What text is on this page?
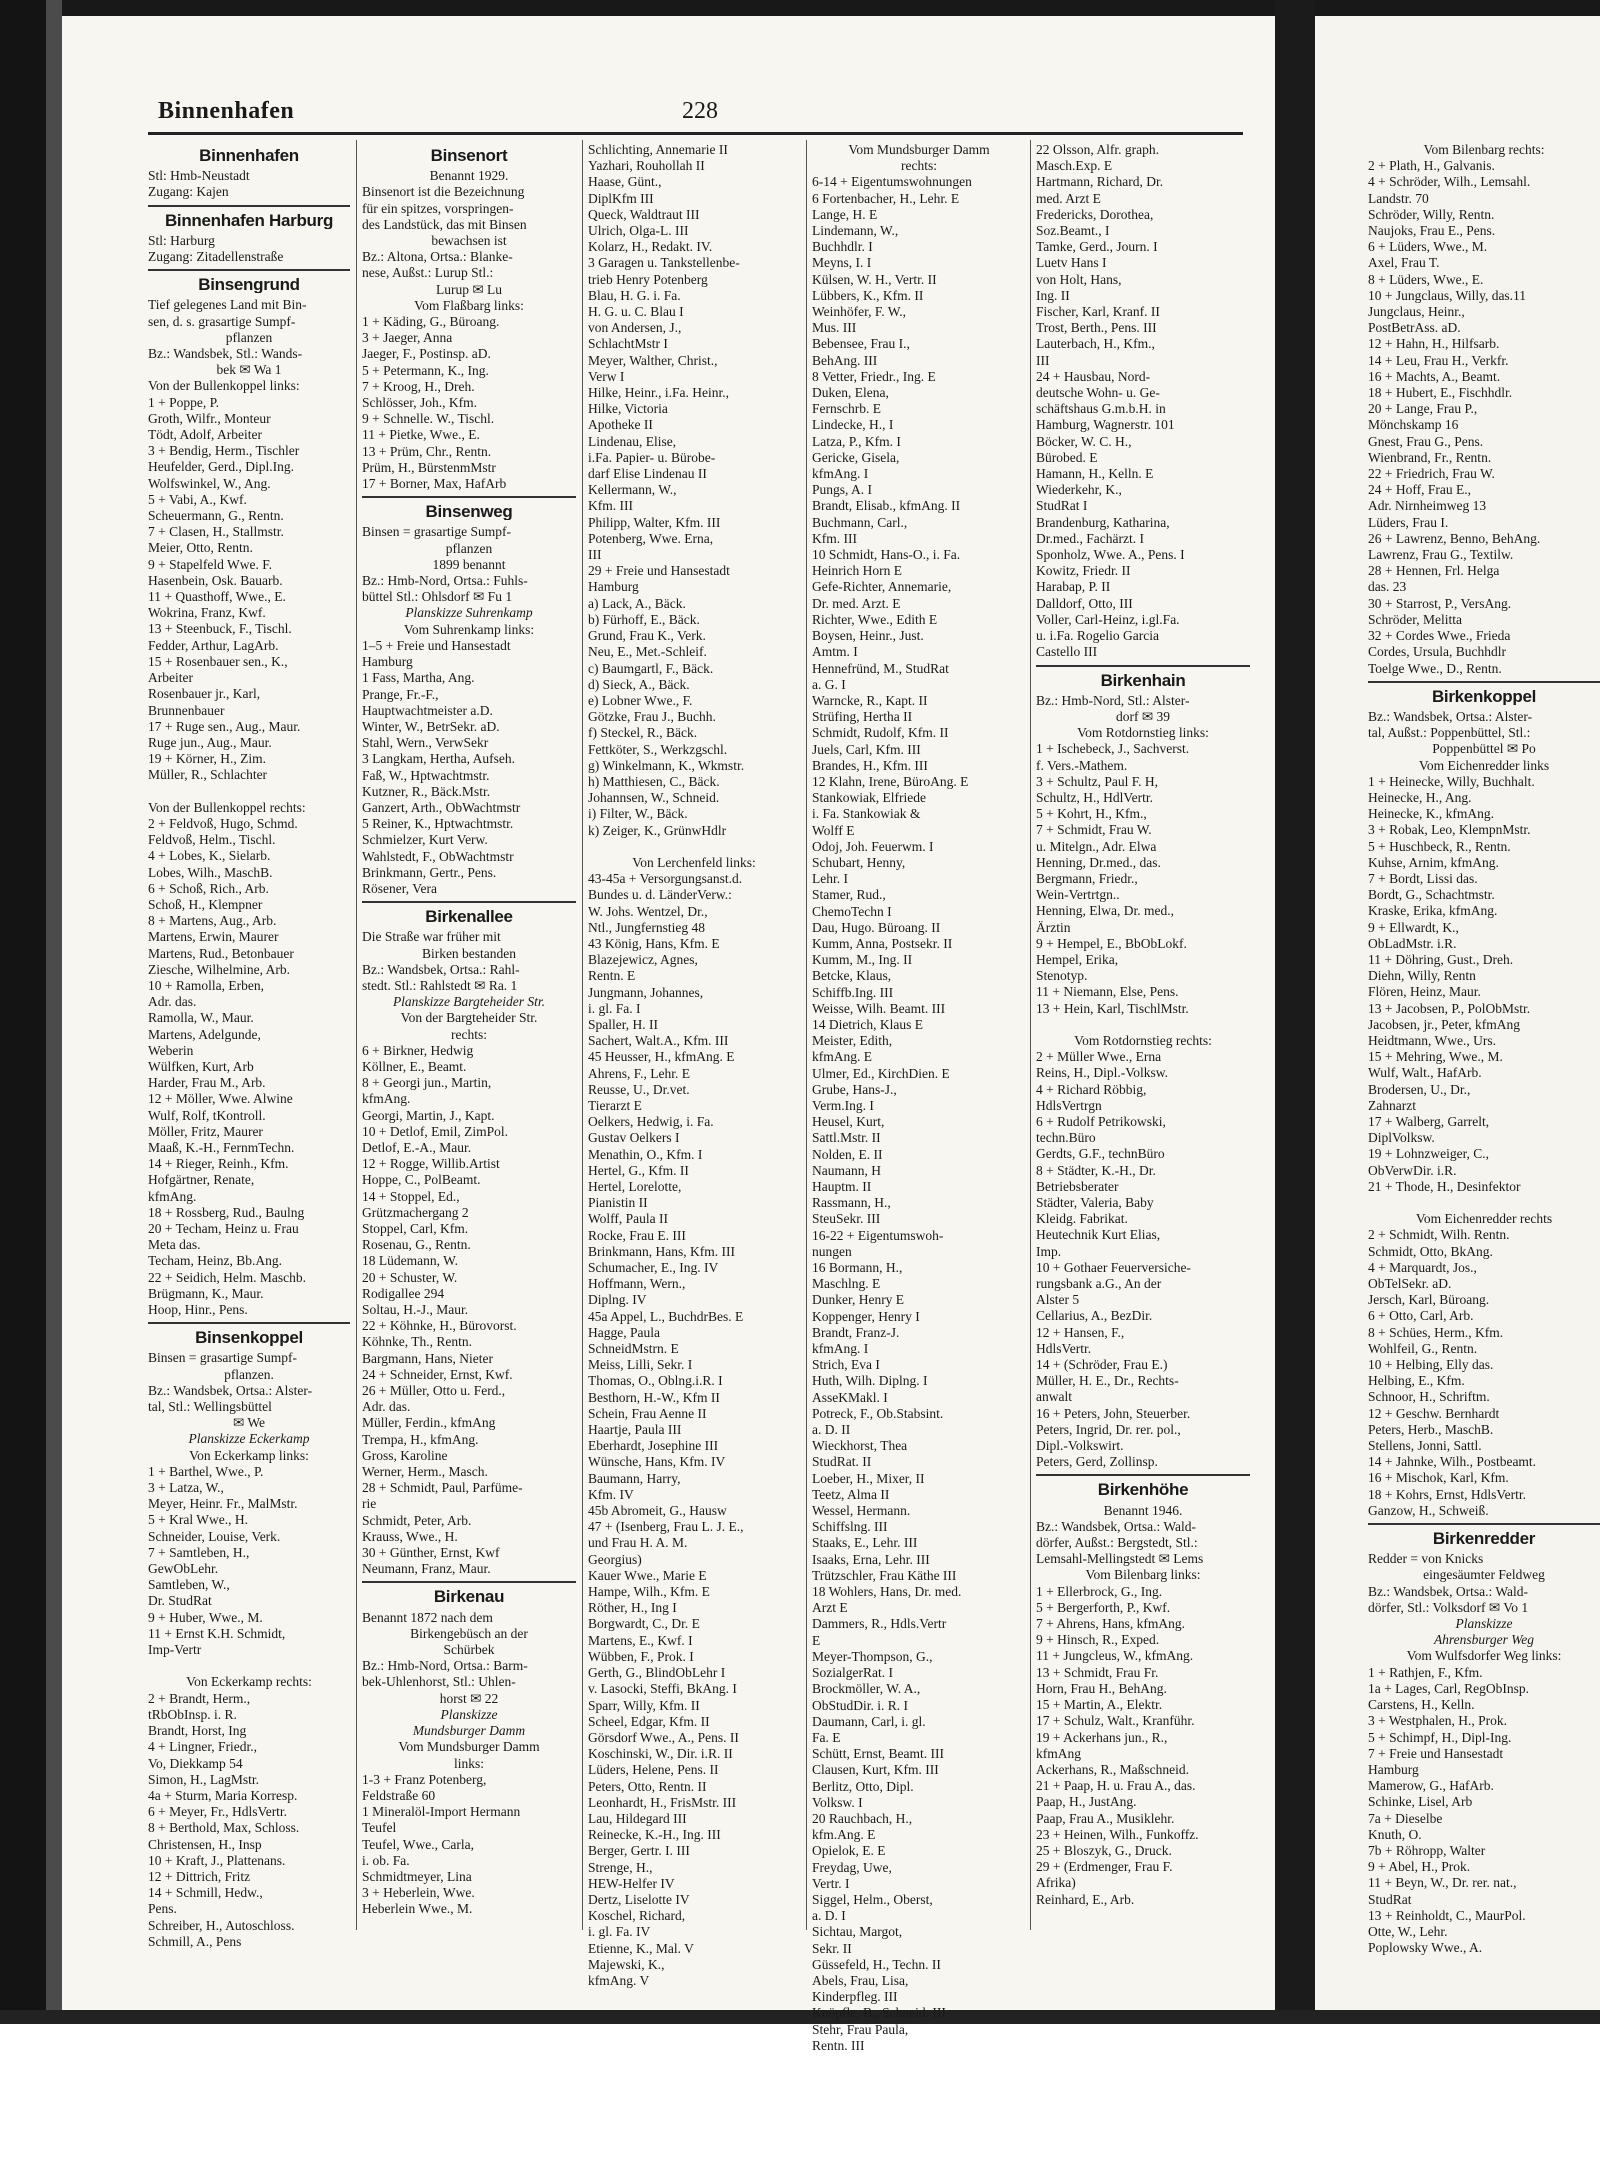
Binnenhafen	228
Binnenhafen
Stl: Hmb-Neustadt
Zugang: Kajen
Binnenhafen Harburg
Stl: Harburg
Zugang: Zitadellenstraße
Binsengrund
Tief gelegenes Land mit Bin-
sen, d. s. grasartige Sumpf-
pflanzen
Bz.: Wandsbek, Stl.: Wands-
bek ✉ Wa 1
Von der Bullenkoppel links:
1 + Poppe, P.
Groth, Wilfr., Monteur
Tödt, Adolf, Arbeiter
3 + Bendig, Herm., Tischler
Heufelder, Gerd., Dipl.Ing.
Wolfswinkel, W., Ang.
5 + Vabi, A., Kwf.
Scheuermann, G., Rentn.
7 + Clasen, H., Stallmstr.
Meier, Otto, Rentn.
9 + Stapelfeld Wwe. F.
Hasenbein, Osk. Bauarb.
11 + Quasthoff, Wwe., E.
Wokrina, Franz, Kwf.
13 + Steenbuck, F., Tischl.
Fedder, Arthur, LagArb.
15 + Rosenbauer sen., K.,
Arbeiter
Rosenbauer jr., Karl,
Brunnenbauer
17 + Ruge sen., Aug., Maur.
Ruge jun., Aug., Maur.
19 + Körner, H., Zim.
Müller, R., Schlachter

Von der Bullenkoppel rechts:
2 + Feldvoß, Hugo, Schmd.
Feldvoß, Helm., Tischl.
4 + Lobes, K., Sielarb.
Lobes, Wilh., MaschB.
6 + Schoß, Rich., Arb.
Schoß, H., Klempner
8 + Martens, Aug., Arb.
Martens, Erwin, Maurer
Martens, Rud., Betonbauer
Ziesche, Wilhelmine, Arb.
10 + Ramolla, Erben,
Adr. das.
Ramolla, W., Maur.
Martens, Adelgunde,
Weberin
Wülfken, Kurt, Arb
Harder, Frau M., Arb.
12 + Möller, Wwe. Alwine
Wulf, Rolf, tKontroll.
Möller, Fritz, Maurer
Maaß, K.-H., FernmTechn.
14 + Rieger, Reinh., Kfm.
Hofgärtner, Renate,
kfmAng.
18 + Rossberg, Rud., Baulng
20 + Techam, Heinz u. Frau
Meta das.
Techam, Heinz, Bb.Ang.
22 + Seidich, Helm. Maschb.
Brügmann, K., Maur.
Hoop, Hinr., Pens.
Binsenkoppel
Binsen = grasartige Sumpf-
pflanzen.
Bz.: Wandsbek, Ortsa.: Alster-
tal, Stl.: Wellingsbüttel
✉ We
Planskizze Eckerkamp
Von Eckerkamp links:
1 + Barthel, Wwe., P.
3 + Latza, W.,
Meyer, Heinr. Fr., MalMstr.
5 + Kral Wwe., H.
Schneider, Louise, Verk.
7 + Samtleben, H.,
GewObLehr.
Samtleben, W.,
Dr. StudRat
9 + Huber, Wwe., M.
11 + Ernst K.H. Schmidt,
Imp-Vertr

Von Eckerkamp rechts:
2 + Brandt, Herm.,
tRbObInsp. i. R.
Brandt, Horst, Ing
4 + Lingner, Friedr.,
Vo, Diekkamp 54
Simon, H., LagMstr.
4a + Sturm, Maria Korresp.
6 + Meyer, Fr., HdlsVertr.
8 + Berthold, Max, Schloss.
Christensen, H., Insp
10 + Kraft, J., Plattenans.
12 + Dittrich, Fritz
14 + Schmill, Hedw.,
Pens.
Schreiber, H., Autoschloss.
Schmill, A., Pens
Binsenort
Benannt 1929.
Binsenort ist die Bezeichnung
für ein spitzes, vorspringen-
des Landstück, das mit Binsen
bewachsen ist
Bz.: Altona, Ortsa.: Blanke-
nese, Außst.: Lurup Stl.:
Lurup ✉ Lu
Vom Flaßbarg links:
1 + Käding, G., Büroang.
3 + Jaeger, Anna
Jaeger, F., Postinsp. aD.
5 + Petermann, K., Ing.
7 + Kroog, H., Dreh.
Schlösser, Joh., Kfm.
9 + Schnelle. W., Tischl.
11 + Pietke, Wwe., E.
13 + Prüm, Chr., Rentn.
Prüm, H., BürstenmMstr
17 + Borner, Max, HafArb
Binsenweg
Binsen = grasartige Sumpf-
pflanzen
1899 benannt
Bz.: Hmb-Nord, Ortsa.: Fuhls-
büttel Stl.: Ohlsdorf ✉ Fu 1
Planskizze Suhrenkamp
Vom Suhrenkamp links:
1–5 + Freie und Hansestadt
Hamburg
1 Fass, Martha, Ang.
Prange, Fr.-F.,
Hauptwachtmeister a.D.
Winter, W., BetrSekr. aD.
Stahl, Wern., VerwSekr
3 Langkam, Hertha, Aufseh.
Faß, W., Hptwachtmstr.
Kutzner, R., Bäck.Mstr.
Ganzert, Arth., ObWachtmstr
5 Reiner, K., Hptwachtmstr.
Schmielzer, Kurt Verw.
Wahlstedt, F., ObWachtmstr
Brinkmann, Gertr., Pens.
Rösener, Vera
Birkenallee
Die Straße war früher mit
Birken bestanden
Bz.: Wandsbek, Ortsa.: Rahl-
stedt. Stl.: Rahlstedt ✉ Ra. 1
Planskizze Bargteheider Str.
Von der Bargteheider Str.
rechts:
6 + Birkner, Hedwig
Köllner, E., Beamt.
8 + Georgi jun., Martin,
kfmAng.
Georgi, Martin, J., Kapt.
10 + Detlof, Emil, ZimPol.
Detlof, E.-A., Maur.
12 + Rogge, Willib.Artist
Hoppe, C., PolBeamt.
14 + Stoppel, Ed.,
Grützmachergang 2
Stoppel, Carl, Kfm.
Rosenau, G., Rentn.
18 Lüdemann, W.
20 + Schuster, W.
Rodigallee 294
Soltau, H.-J., Maur.
22 + Köhnke, H., Bürovorst.
Köhnke, Th., Rentn.
Bargmann, Hans, Nieter
24 + Schneider, Ernst, Kwf.
26 + Müller, Otto u. Ferd.,
Adr. das.
Müller, Ferdin., kfmAng
Trempa, H., kfmAng.
Gross, Karoline
Werner, Herm., Masch.
28 + Schmidt, Paul, Parfüme-
rie
Schmidt, Peter, Arb.
Krauss, Wwe., H.
30 + Günther, Ernst, Kwf
Neumann, Franz, Maur.
Birkenau
Benannt 1872 nach dem
Birkengebüsch an der
Schürbek
Bz.: Hmb-Nord, Ortsa.: Barm-
bek-Uhlenhorst, Stl.: Uhlen-
horst ✉ 22
Planskizze
Mundsburger Damm
Vom Mundsburger Damm
links:
1-3 + Franz Potenberg,
Feldstraße 60
1 Mineralöl-Import Hermann
Teufel
Teufel, Wwe., Carla,
i. ob. Fa.
Schmidtmeyer, Lina
3 + Heberlein, Wwe.
Heberlein Wwe., M.
Schlichting, Annemarie II
Yazhari, Rouhollah II
Haase, Günt.,
DiplKfm III
Queck, Waldtraut III
Ulrich, Olga-L. III
Kolarz, H., Redakt. IV.
3 Garagen u. Tankstellenbe-
trieb Henry Potenberg
Blau, H. G. i. Fa.
H. G. u. C. Blau I
von Andersen, J.,
SchlachtMstr I
Meyer, Walther, Christ.,
Verw I
Hilke, Heinr., i.Fa. Heinr.,
Hilke, Victoria
Apotheke II
Lindenau, Elise,
i.Fa. Papier- u. Bürobe-
darf Elise Lindenau II
Kellermann, W.,
Kfm. III
Philipp, Walter, Kfm. III
Potenberg, Wwe. Erna,
III
29 + Freie und Hansestadt
Hamburg
a) Lack, A., Bäck.
b) Fürhoff, E., Bäck.
Grund, Frau K., Verk.
Neu, E., Met.-Schleif.
c) Baumgartl, F., Bäck.
d) Sieck, A., Bäck.
e) Lobner Wwe., F.
Götzke, Frau J., Buchh.
f) Steckel, R., Bäck.
Fettköter, S., Werkzgschl.
g) Winkelmann, K., Wkmstr.
h) Matthiesen, C., Bäck.
Johannsen, W., Schneid.
i) Filter, W., Bäck.
k) Zeiger, K., GrünwHdlr

Von Lerchenfeld links:
43-45a + Versorgungsanst.d.
Bundes u. d. LänderVerw.:
W. Johs. Wentzel, Dr.,
Ntl., Jungfernstieg 48
43 König, Hans, Kfm. E
Blazejewicz, Agnes,
Rentn. E
Jungmann, Johannes,
i. gl. Fa. I
Spaller, H. II
Sachert, Walt.A., Kfm. III
45 Heusser, H., kfmAng. E
Ahrens, F., Lehr. E
Reusse, U., Dr.vet.
Tierarzt E
Oelkers, Hedwig, i. Fa.
Gustav Oelkers I
Menathin, O., Kfm. I
Hertel, G., Kfm. II
Hertel, Lorelotte,
Pianistin II
Wolff, Paula II
Rocke, Frau E. III
Brinkmann, Hans, Kfm. III
Schumacher, E., Ing. IV
Hoffmann, Wern.,
Diplng. IV
45a Appel, L., BuchdrBes. E
Hagge, Paula
SchneidMstrn. E
Meiss, Lilli, Sekr. I
Thomas, O., Oblng.i.R. I
Besthorn, H.-W., Kfm II
Schein, Frau Aenne II
Haartje, Paula III
Eberhardt, Josephine III
Wünsche, Hans, Kfm. IV
Baumann, Harry,
Kfm. IV
45b Abromeit, G., Hausw
47 + (Isenberg, Frau L. J. E.,
und Frau H. A. M.
Georgius)
Kauer Wwe., Marie E
Hampe, Wilh., Kfm. E
Röther, H., Ing I
Borgwardt, C., Dr. E
Martens, E., Kwf. I
Wübben, F., Prok. I
Gerth, G., BlindObLehr I
v. Lasocki, Steffi, BkAng. I
Sparr, Willy, Kfm. II
Scheel, Edgar, Kfm. II
Görsdorf Wwe., A., Pens. II
Koschinski, W., Dir. i.R. II
Lüders, Helene, Pens. II
Peters, Otto, Rentn. II
Leonhardt, H., FrisMstr. III
Lau, Hildegard III
Reinecke, K.-H., Ing. III
Berger, Gertr. I. III
Strenge, H.,
HEW-Helfer IV
Dertz, Liselotte IV
Koschel, Richard,
i. gl. Fa. IV
Etienne, K., Mal. V
Majewski, K.,
kfmAng. V
Vom Mundsburger Damm
rechts:
6-14 + Eigentumswohnungen
6 Fortenbacher, H., Lehr. E
Lange, H. E
Lindemann, W.,
Buchhdlr. I
Meyns, I. I
Külsen, W. H., Vertr. II
Lübbers, K., Kfm. II
Weinhöfer, F. W.,
Mus. III
Bebensee, Frau I.,
BehAng. III
8 Vetter, Friedr., Ing. E
Duken, Elena,
Fernschrb. E
Lindecke, H., I
Latza, P., Kfm. I
Gericke, Gisela,
kfmAng. I
Pungs, A. I
Brandt, Elisab., kfmAng. II
Buchmann, Carl.,
Kfm. III
10 Schmidt, Hans-O., i. Fa.
Heinrich Horn E
Gefe-Richter, Annemarie,
Dr. med. Arzt. E
Richter, Wwe., Edith E
Boysen, Heinr., Just.
Amtm. I
Hennefründ, M., StudRat
a. G. I
Warncke, R., Kapt. II
Strüfing, Hertha II
Schmidt, Rudolf, Kfm. II
Juels, Carl, Kfm. III
Brandes, H., Kfm. III
12 Klahn, Irene, BüroAng. E
Stankowiak, Elfriede
i. Fa. Stankowiak &
Wolff E
Odoj, Joh. Feuerwm. I
Schubart, Henny,
Lehr. I
Stamer, Rud.,
ChemoTechn I
Dau, Hugo. Büroang. II
Kumm, Anna, Postsekr. II
Kumm, M., Ing. II
Betcke, Klaus,
Schiffb.Ing. III
Weisse, Wilh. Beamt. III
14 Dietrich, Klaus E
Meister, Edith,
kfmAng. E
Ulmer, Ed., KirchDien. E
Grube, Hans-J.,
Verm.Ing. I
Heusel, Kurt,
Sattl.Mstr. II
Nolden, E. II
Naumann, H
Hauptm. II
Rassmann, H.,
SteuSekr. III
16-22 + Eigentumswoh-
nungen
16 Bormann, H.,
Maschlng. E
Dunker, Henry E
Koppenger, Henry I
Brandt, Franz-J.
kfmAng. I
Strich, Eva I
Huth, Wilh. Diplng. I
AsseKMakl. I
Potreck, F., Ob.Stabsint.
a. D. II
Wieckhorst, Thea
StudRat. II
Loeber, H., Mixer, II
Teetz, Alma II
Wessel, Hermann.
Schiffslng. III
Staaks, E., Lehr. III
Isaaks, Erna, Lehr. III
Trützschler, Frau Käthe III
18 Wohlers, Hans, Dr. med.
Arzt E
Dammers, R., Hdls.Vertr
E
Meyer-Thompson, G.,
SozialgerRat. I
Brockmöller, W. A.,
ObStudDir. i. R. I
Daumann, Carl, i. gl.
Fa. E
Schütt, Ernst, Beamt. III
Clausen, Kurt, Kfm. III
Berlitz, Otto, Dipl.
Volksw. I
20 Rauchbach, H.,
kfm.Ang. E
Opielok, E. E
Freydag, Uwe,
Vertr. I
Siggel, Helm., Oberst,
a. D. I
Sichtau, Margot,
Sekr. II
Güssefeld, H., Techn. II
Abels, Frau, Lisa,
Kinderpfleg. III
Knöpfle, B., Schneid. III
Stehr, Frau Paula,
Rentn. III
22 Olsson, Alfr. graph.
Masch.Exp. E
Hartmann, Richard, Dr.
med. Arzt E
Fredericks, Dorothea,
Soz.Beamt., I
Tamke, Gerd., Journ. I
Luetv Hans I
von Holt, Hans,
Ing. II
Fischer, Karl, Kranf. II
Trost, Berth., Pens. III
Lauterbach, H., Kfm.,
III
24 + Hausbau, Nord-
deutsche Wohn- u. Ge-
schäftshaus G.m.b.H. in
Hamburg, Wagnerstr. 101
Böcker, W. C. H.,
Bürobed. E
Hamann, H., Kelln. E
Wiederkehr, K.,
StudRat I
Brandenburg, Katharina,
Dr.med., Fachärzt. I
Sponholz, Wwe. A., Pens. I
Kowitz, Friedr. II
Harabap, P. II
Dalldorf, Otto, III
Voller, Carl-Heinz, i.gl.Fa.
u. i.Fa. Rogelio Garcia
Castello III
Birkenhain
Bz.: Hmb-Nord, Stl.: Alster-
dorf ✉ 39
Vom Rotdornstieg links:
1 + Ischebeck, J., Sachverst.
f. Vers.-Mathem.
3 + Schultz, Paul F. H,
Schultz, H., HdlVertr.
5 + Kohrt, H., Kfm.,
7 + Schmidt, Frau W.
u. Mitelgn., Adr. Elwa
Henning, Dr.med., das.
Bergmann, Friedr.,
Wein-Vertrtgn..
Henning, Elwa, Dr. med.,
Ärztin
9 + Hempel, E., BbObLokf.
Hempel, Erika,
Stenotyp.
11 + Niemann, Else, Pens.
13 + Hein, Karl, TischlMstr.

Vom Rotdornstieg rechts:
2 + Müller Wwe., Erna
Reins, H., Dipl.-Volksw.
4 + Richard Röbbig,
HdlsVertrgn
6 + Rudolf Petrikowski,
techn.Büro
Gerdts, G.F., technBüro
8 + Städter, K.-H., Dr.
Betriebsberater
Städter, Valeria, Baby
Kleidg. Fabrikat.
Heutechnik Kurt Elias,
Imp.
10 + Gothaer Feuerversiche-
rungsbank a.G., An der
Alster 5
Cellarius, A., BezDir.
12 + Hansen, F.,
HdlsVertr.
14 + (Schröder, Frau E.)
Müller, H. E., Dr., Rechts-
anwalt
16 + Peters, John, Steuerber.
Peters, Ingrid, Dr. rer. pol.,
Dipl.-Volkswirt.
Peters, Gerd, Zollinsp.
Birkenhöhe
Benannt 1946.
Bz.: Wandsbek, Ortsa.: Wald-
dörfer, Außst.: Bergstedt, Stl.:
Lemsahl-Mellingstedt ✉ Lems
Vom Bilenbarg links:
1 + Ellerbrock, G., Ing.
5 + Bergerforth, P., Kwf.
7 + Ahrens, Hans, kfmAng.
9 + Hinsch, R., Exped.
11 + Jungcleus, W., kfmAng.
13 + Schmidt, Frau Fr.
Horn, Frau H., BehAng.
15 + Martin, A., Elektr.
17 + Schulz, Walt., Kranführ.
19 + Ackerhans jun., R.,
kfmAng
Ackerhans, R., Maßschneid.
21 + Paap, H. u. Frau A., das.
Paap, H., JustAng.
Paap, Frau A., Musiklehr.
23 + Heinen, Wilh., Funkoffz.
25 + Bloszyk, G., Druck.
29 + (Erdmenger, Frau F.
Afrika)
Reinhard, E., Arb.
Vom Bilenbarg rechts:
2 + Plath, H., Galvanis.
4 + Schröder, Wilh., Lemsahl.
Landstr. 70
Schröder, Willy, Rentn.
Naujoks, Frau E., Pens.
6 + Lüders, Wwe., M.
Axel, Frau T.
8 + Lüders, Wwe., E.
10 + Jungclaus, Willy, das.11
Jungclaus, Heinr.,
PostBetrAss. aD.
12 + Hahn, H., Hilfsarb.
14 + Leu, Frau H., Verkfr.
16 + Machts, A., Beamt.
18 + Hubert, E., Fischhdlr.
20 + Lange, Frau P.,
Mönchskamp 16
Gnest, Frau G., Pens.
Wienbrand, Fr., Rentn.
22 + Friedrich, Frau W.
24 + Hoff, Frau E.,
Adr. Nirnheimweg 13
Lüders, Frau I.
26 + Lawrenz, Benno, BehAng.
Lawrenz, Frau G., Textilw.
28 + Hennen, Frl. Helga
das. 23
30 + Starrost, P., VersAng.
Schröder, Melitta
32 + Cordes Wwe., Frieda
Cordes, Ursula, Buchhdlr
Toelge Wwe., D., Rentn.
Birkenkoppel
Bz.: Wandsbek, Ortsa.: Alster-
tal, Außst.: Poppenbüttel, Stl.:
Poppenbüttel ✉ Po
Vom Eichenredder links
1 + Heinecke, Willy, Buchhalt.
Heinecke, H., Ang.
Heinecke, K., kfmAng.
3 + Robak, Leo, KlempnMstr.
5 + Huschbeck, R., Rentn.
Kuhse, Arnim, kfmAng.
7 + Bordt, Lissi das.
Bordt, G., Schachtmstr.
Kraske, Erika, kfmAng.
9 + Ellwardt, K.,
ObLadMstr. i.R.
11 + Döhring, Gust., Dreh.
Diehn, Willy, Rentn
Flören, Heinz, Maur.
13 + Jacobsen, P., PolObMstr.
Jacobsen, jr., Peter, kfmAng
Heidtmann, Wwe., Urs.
15 + Mehring, Wwe., M.
Wulf, Walt., HafArb.
Brodersen, U., Dr.,
Zahnarzt
17 + Walberg, Garrelt,
DiplVolksw.
19 + Lohnzweiger, C.,
ObVerwDir. i.R.
21 + Thode, H., Desinfektor

Vom Eichenredder rechts
2 + Schmidt, Wilh. Rentn.
Schmidt, Otto, BkAng.
4 + Marquardt, Jos.,
ObTelSekr. aD.
Jersch, Karl, Büroang.
6 + Otto, Carl, Arb.
8 + Schües, Herm., Kfm.
Wohlfeil, G., Rentn.
10 + Helbing, Elly das.
Helbing, E., Kfm.
Schnoor, H., Schriftm.
12 + Geschw. Bernhardt
Peters, Herb., MaschB.
Stellens, Jonni, Sattl.
14 + Jahnke, Wilh., Postbeamt.
16 + Mischok, Karl, Kfm.
18 + Kohrs, Ernst, HdlsVertr.
Ganzow, H., Schweiß.
Birkenredder
Redder = von Knicks
eingesäumter Feldweg
Bz.: Wandsbek, Ortsa.: Wald-
dörfer, Stl.: Volksdorf ✉ Vo 1
Planskizze
Ahrensburger Weg
Vom Wulfsdorfer Weg links:
1 + Rathjen, F., Kfm.
1a + Lages, Carl, RegObInsp.
Carstens, H., Kelln.
3 + Westphalen, H., Prok.
5 + Schimpf, H., Dipl-Ing.
7 + Freie und Hansestadt
Hamburg
Mamerow, G., HafArb.
Schinke, Lisel, Arb
7a + Dieselbe
Knuth, O.
7b + Röhropp, Walter
9 + Abel, H., Prok.
11 + Beyn, W., Dr. rer. nat.,
StudRat
13 + Reinholdt, C., MaurPol.
Otte, W., Lehr.
Poplowsky Wwe., A.
